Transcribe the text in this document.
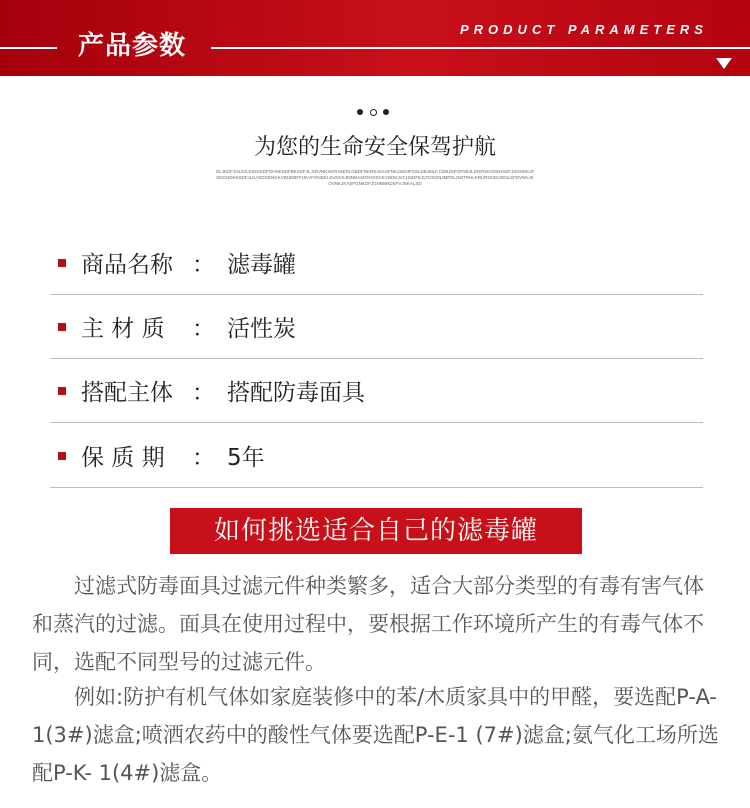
产品参数
PRODUCT PARAMETERS
为您的生命安全保驾护航
OLJKDFJGLDSJHGDKDFGHNKSDFBKSDFJL,SDVNKSDFHSERLGBDFNKRSADHJFNKJSDHFOSLDBJMLF,CDBJDFOPSEJLGNFDKVDSHADFJSDNGKJFSDGHDKKSDFJLKASDGENGKVBHDBFFUKVFGNDKLSVNCKJMNBASDFHDSCKVNDKJVCHSDFEJLTOSGNJMFDLGMTRHLKRUROISDJGNLSFDVNKJKOVNKJKASFGNKDFJGHBNRDSFVJNKALSD
商品名称 ： 滤毒罐
主 材 质 ： 活性炭
搭配主体 ： 搭配防毒面具
保 质 期 ： 5年
如何挑选适合自己的滤毒罐

过滤式防毒面具过滤元件种类繁多，适合大部分类型的有毒有害气体和蒸汽的过滤。面具在使用过程中，要根据工作环境所产生的有毒气体不同，选配不同型号的过滤元件。

例如:防护有机气体如家庭装修中的苯/木质家具中的甲醛，要选配P-A-1(3#)滤盒;喷洒农药中的酸性气体要选配P-E-1 (7#)滤盒;氨气化工场所选配P-K- 1(4#)滤盒。
